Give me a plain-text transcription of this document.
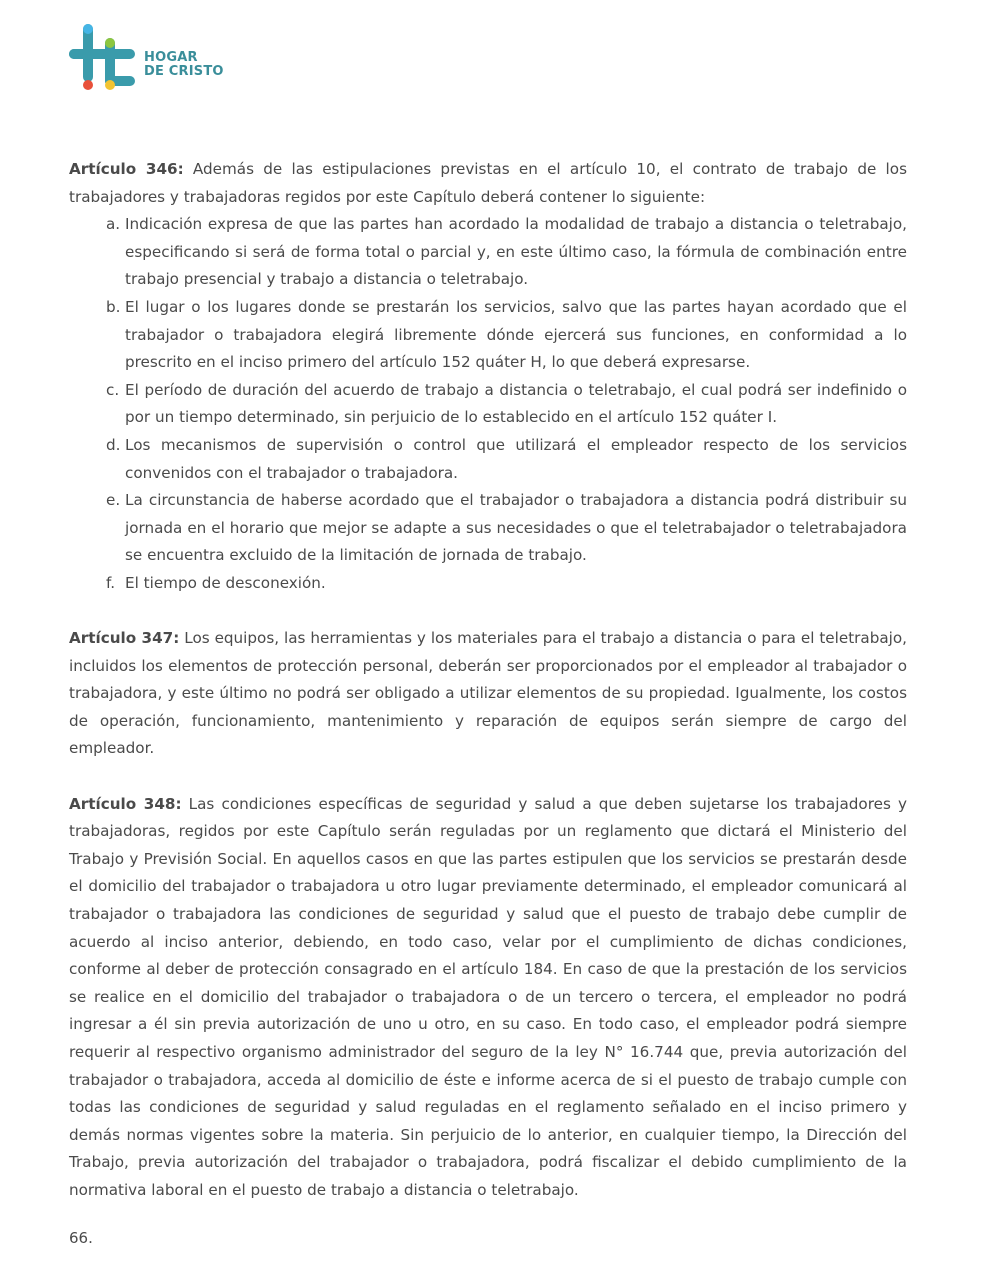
HOGAR
DE CRISTO

Artículo 346: Además de las estipulaciones previstas en el artículo 10, el contrato de trabajo de los trabajadores y trabajadoras regidos por este Capítulo deberá contener lo siguiente:

a. Indicación expresa de que las partes han acordado la modalidad de trabajo a distancia o teletrabajo, especificando si será de forma total o parcial y, en este último caso, la fórmula de combinación entre trabajo presencial y trabajo a distancia o teletrabajo.
b. El lugar o los lugares donde se prestarán los servicios, salvo que las partes hayan acordado que el trabajador o trabajadora elegirá libremente dónde ejercerá sus funciones, en conformidad a lo prescrito en el inciso primero del artículo 152 quáter H, lo que deberá expresarse.
c. El período de duración del acuerdo de trabajo a distancia o teletrabajo, el cual podrá ser indefinido o por un tiempo determinado, sin perjuicio de lo establecido en el artículo 152 quáter I.
d. Los mecanismos de supervisión o control que utilizará el empleador respecto de los servicios convenidos con el trabajador o trabajadora.
e. La circunstancia de haberse acordado que el trabajador o trabajadora a distancia podrá distribuir su jornada en el horario que mejor se adapte a sus necesidades o que el teletrabajador o teletrabajadora se encuentra excluido de la limitación de jornada de trabajo.
f. El tiempo de desconexión.

Artículo 347: Los equipos, las herramientas y los materiales para el trabajo a distancia o para el teletrabajo, incluidos los elementos de protección personal, deberán ser proporcionados por el empleador al trabajador o trabajadora, y este último no podrá ser obligado a utilizar elementos de su propiedad. Igualmente, los costos de operación, funcionamiento, mantenimiento y reparación de equipos serán siempre de cargo del empleador.

Artículo 348: Las condiciones específicas de seguridad y salud a que deben sujetarse los trabajadores y trabajadoras, regidos por este Capítulo serán reguladas por un reglamento que dictará el Ministerio del Trabajo y Previsión Social. En aquellos casos en que las partes estipulen que los servicios se prestarán desde el domicilio del trabajador o trabajadora u otro lugar previamente determinado, el empleador comunicará al trabajador o trabajadora las condiciones de seguridad y salud que el puesto de trabajo debe cumplir de acuerdo al inciso anterior, debiendo, en todo caso, velar por el cumplimiento de dichas condiciones, conforme al deber de protección consagrado en el artículo 184. En caso de que la prestación de los servicios se realice en el domicilio del trabajador o trabajadora o de un tercero o tercera, el empleador no podrá ingresar a él sin previa autorización de uno u otro, en su caso. En todo caso, el empleador podrá siempre requerir al respectivo organismo administrador del seguro de la ley N° 16.744 que, previa autorización del trabajador o trabajadora, acceda al domicilio de éste e informe acerca de si el puesto de trabajo cumple con todas las condiciones de seguridad y salud reguladas en el reglamento señalado en el inciso primero y demás normas vigentes sobre la materia. Sin perjuicio de lo anterior, en cualquier tiempo, la Dirección del Trabajo, previa autorización del trabajador o trabajadora, podrá fiscalizar el debido cumplimiento de la normativa laboral en el puesto de trabajo a distancia o teletrabajo.

66.
